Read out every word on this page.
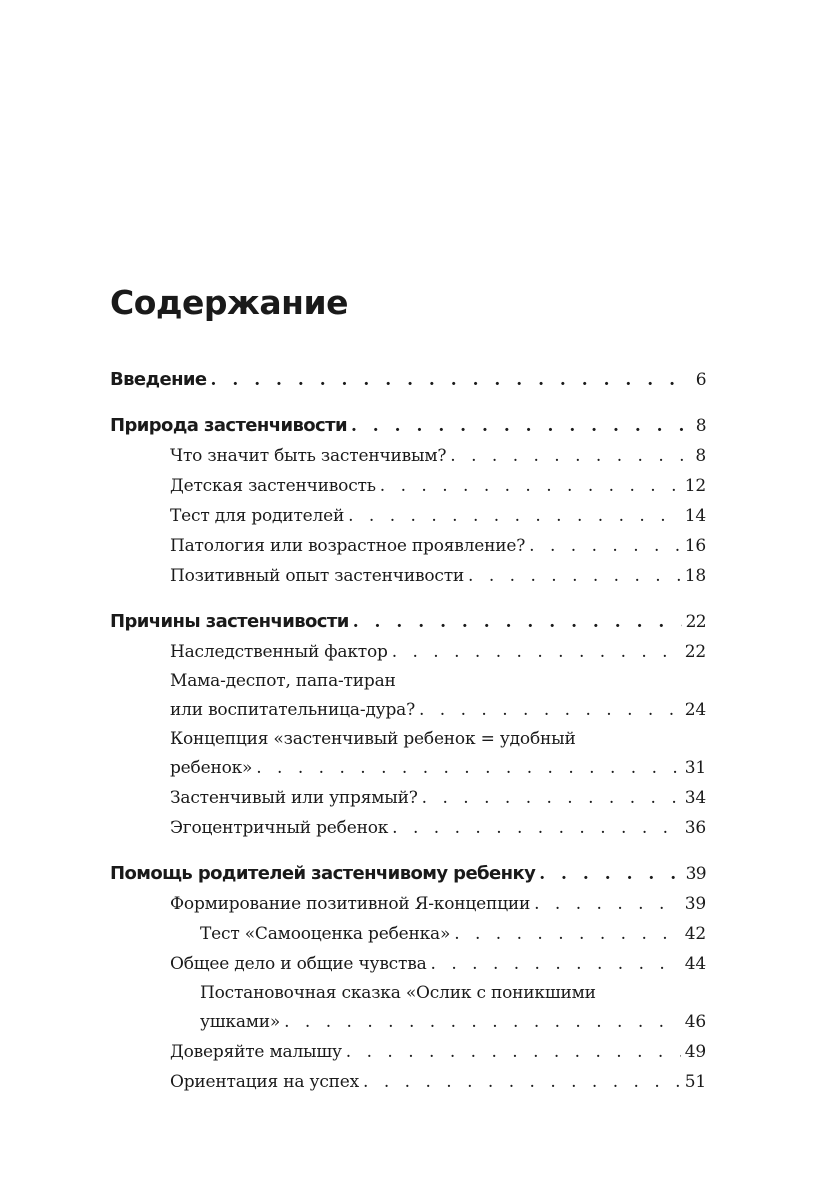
Содержание
Введение . . .	6
Природа застенчивости . . .	8
Что значит быть застенчивым? . . .	8
Детская застенчивость . . .	12
Тест для родителей . . .	14
Патология или возрастное проявление? . . .	16
Позитивный опыт застенчивости . . .	18
Причины застенчивости . . .	22
Наследственный фактор . . .	22
Мама-деспот, папа-тиран
или воспитательница-дура? . . .	24
Концепция «застенчивый ребенок = удобный
ребенок» . . .	31
Застенчивый или упрямый? . . .	34
Эгоцентричный ребенок . . .	36
Помощь родителей застенчивому ребенку . . .	39
Формирование позитивной Я-концепции . . .	39
Тест «Самооценка ребенка» . . .	42
Общее дело и общие чувства . . .	44
Постановочная сказка «Ослик с поникшими
ушками» . . .	46
Доверяйте малышу . . .	49
Ориентация на успех . . .	51
